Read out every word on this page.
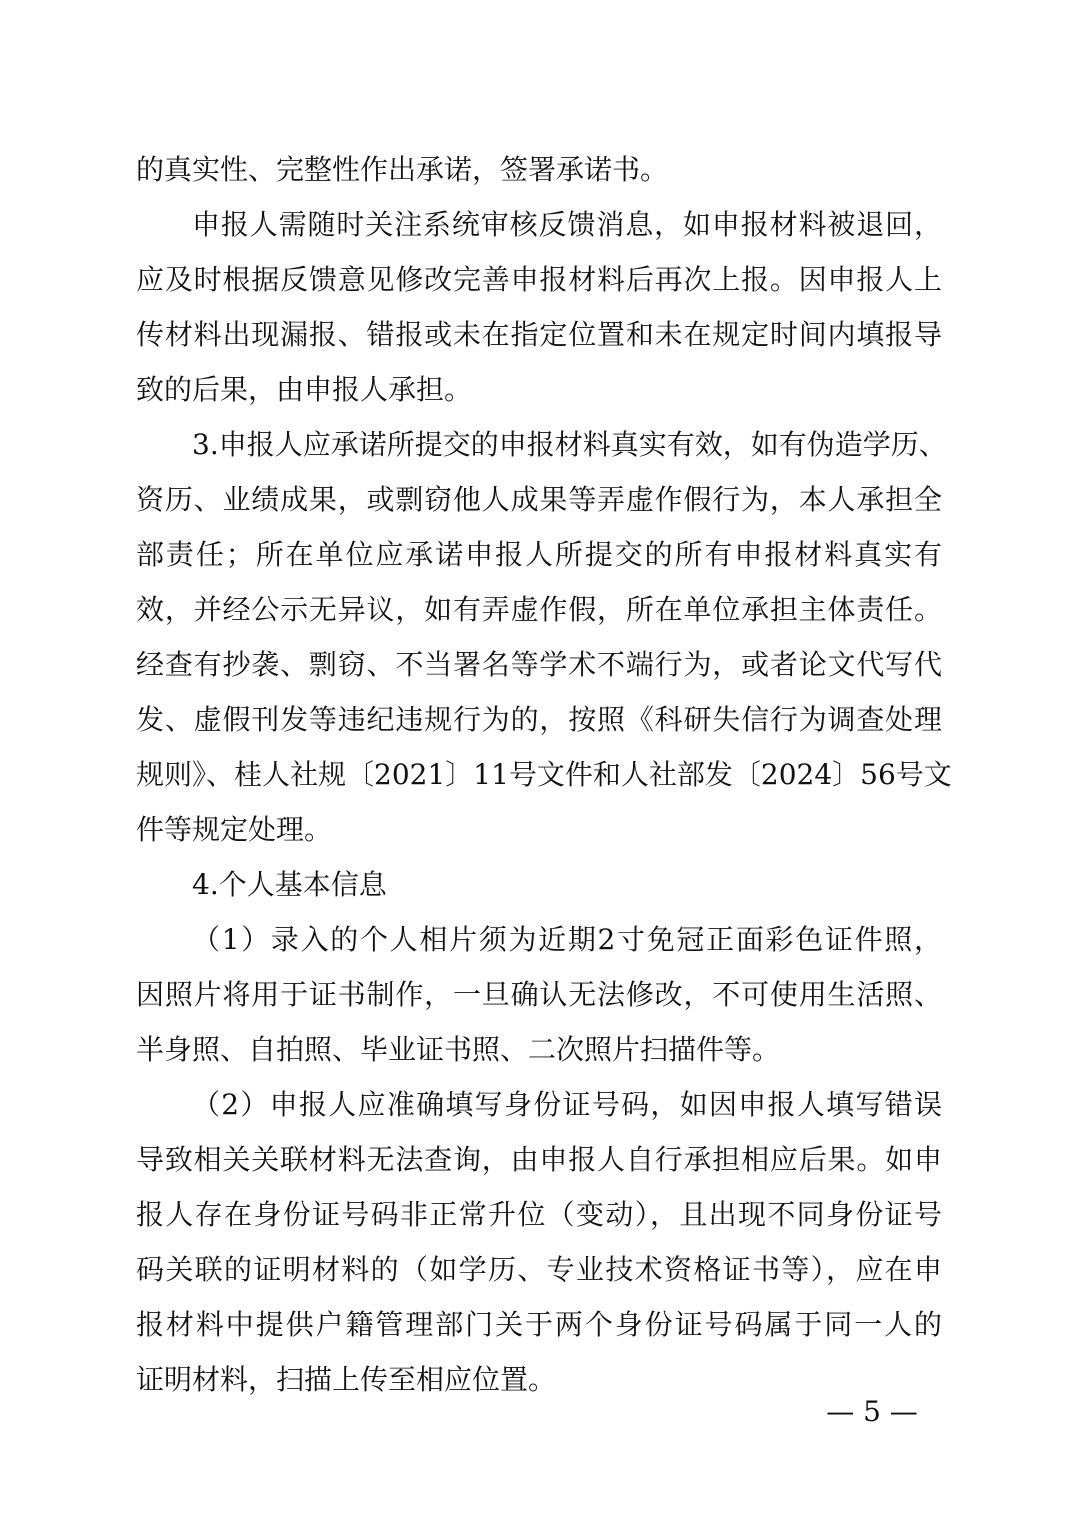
的真实性、完整性作出承诺，签署承诺书。
申报人需随时关注系统审核反馈消息，如申报材料被退回，
应及时根据反馈意见修改完善申报材料后再次上报。因申报人上
传材料出现漏报、错报或未在指定位置和未在规定时间内填报导
致的后果，由申报人承担。
3.申报人应承诺所提交的申报材料真实有效，如有伪造学历、
资历、业绩成果，或剽窃他人成果等弄虚作假行为，本人承担全
部责任；所在单位应承诺申报人所提交的所有申报材料真实有
效，并经公示无异议，如有弄虚作假，所在单位承担主体责任。
经查有抄袭、剽窃、不当署名等学术不端行为，或者论文代写代
发、虚假刊发等违纪违规行为的，按照《科研失信行为调查处理
规则》、桂人社规〔2021〕11号文件和人社部发〔2024〕56号文
件等规定处理。
4.个人基本信息
（1）录入的个人相片须为近期2寸免冠正面彩色证件照，
因照片将用于证书制作，一旦确认无法修改，不可使用生活照、
半身照、自拍照、毕业证书照、二次照片扫描件等。
（2）申报人应准确填写身份证号码，如因申报人填写错误
导致相关关联材料无法查询，由申报人自行承担相应后果。如申
报人存在身份证号码非正常升位（变动），且出现不同身份证号
码关联的证明材料的（如学历、专业技术资格证书等），应在申
报材料中提供户籍管理部门关于两个身份证号码属于同一人的
证明材料，扫描上传至相应位置。
— 5 —
